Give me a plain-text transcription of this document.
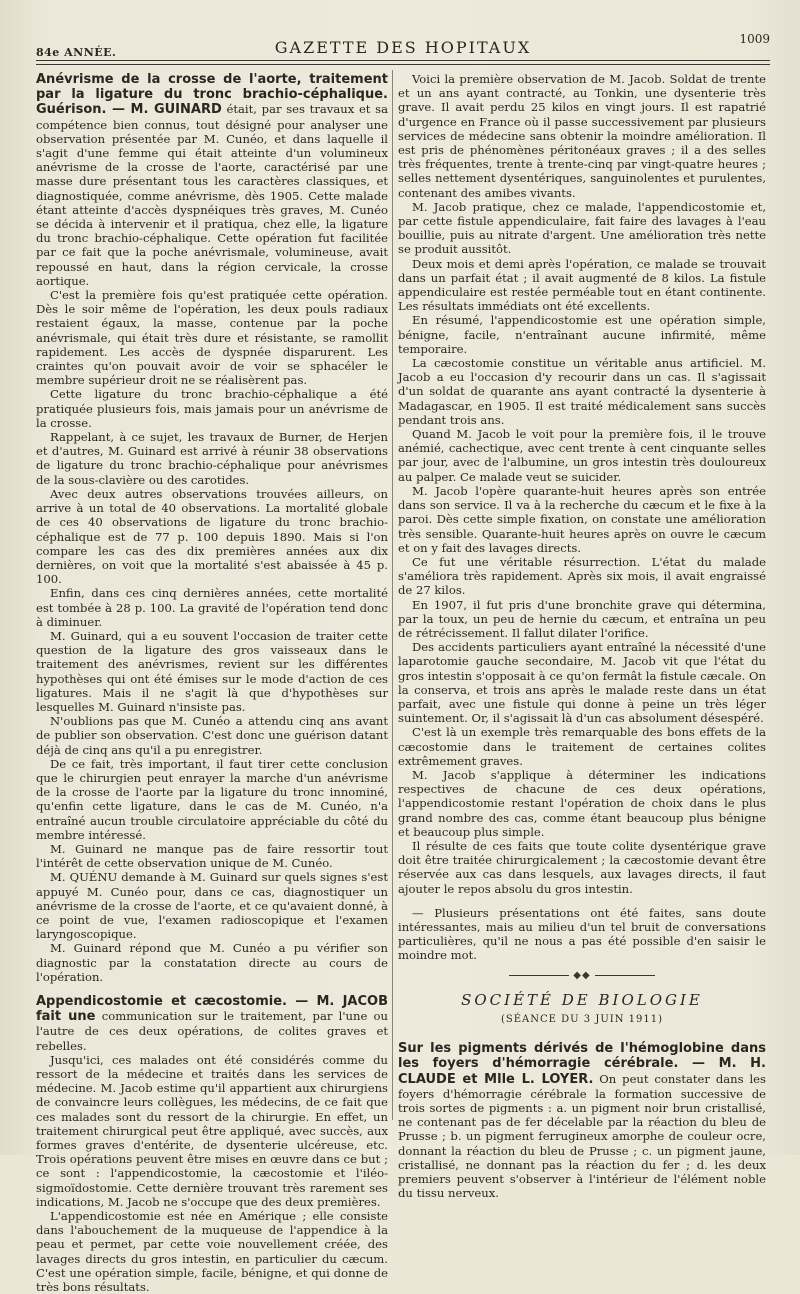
84e ANNÉE.	GAZETTE DES HOPITAUX	1009

Anévrisme de la crosse de l'aorte, traitement par la ligature du tronc brachio-céphalique. Guérison. — M. GUINARD était, par ses travaux et sa compétence bien connus, tout désigné pour analyser une observation présentée par M. Cunéo, et dans laquelle il s'agit d'une femme qui était atteinte d'un volumineux anévrisme de la crosse de l'aorte, caractérisé par une masse dure présentant tous les caractères classiques, et diagnostiquée, comme anévrisme, dès 1905. Cette malade étant atteinte d'accès dyspnéiques très graves, M. Cunéo se décida à intervenir et il pratiqua, chez elle, la ligature du tronc brachio-céphalique. Cette opération fut facilitée par ce fait que la poche anévrismale, volumineuse, avait repoussé en haut, dans la région cervicale, la crosse aortique.

C'est la première fois qu'est pratiquée cette opération. Dès le soir même de l'opération, les deux pouls radiaux restaient égaux, la masse, contenue par la poche anévrismale, qui était très dure et résistante, se ramollit rapidement. Les accès de dyspnée disparurent. Les craintes qu'on pouvait avoir de voir se sphacéler le membre supérieur droit ne se réalisèrent pas.

Cette ligature du tronc brachio-céphalique a été pratiquée plusieurs fois, mais jamais pour un anévrisme de la crosse.

Rappelant, à ce sujet, les travaux de Burner, de Herjen et d'autres, M. Guinard est arrivé à réunir 38 observations de ligature du tronc brachio-céphalique pour anévrismes de la sous-clavière ou des carotides.

Avec deux autres observations trouvées ailleurs, on arrive à un total de 40 observations. La mortalité globale de ces 40 observations de ligature du tronc brachio-céphalique est de 77 p. 100 depuis 1890. Mais si l'on compare les cas des dix premières années aux dix dernières, on voit que la mortalité s'est abaissée à 45 p. 100.

Enfin, dans ces cinq dernières années, cette mortalité est tombée à 28 p. 100. La gravité de l'opération tend donc à diminuer.

M. Guinard, qui a eu souvent l'occasion de traiter cette question de la ligature des gros vaisseaux dans le traitement des anévrismes, revient sur les différentes hypothèses qui ont été émises sur le mode d'action de ces ligatures. Mais il ne s'agit là que d'hypothèses sur lesquelles M. Guinard n'insiste pas.

N'oublions pas que M. Cunéo a attendu cinq ans avant de publier son observation. C'est donc une guérison datant déjà de cinq ans qu'il a pu enregistrer.

De ce fait, très important, il faut tirer cette conclusion que le chirurgien peut enrayer la marche d'un anévrisme de la crosse de l'aorte par la ligature du tronc innominé, qu'enfin cette ligature, dans le cas de M. Cunéo, n'a entraîné aucun trouble circulatoire appréciable du côté du membre intéressé.

M. Guinard ne manque pas de faire ressortir tout l'intérêt de cette observation unique de M. Cunéo.

M. QUÉNU demande à M. Guinard sur quels signes s'est appuyé M. Cunéo pour, dans ce cas, diagnostiquer un anévrisme de la crosse de l'aorte, et ce qu'avaient donné, à ce point de vue, l'examen radioscopique et l'examen laryngoscopique.

M. Guinard répond que M. Cunéo a pu vérifier son diagnostic par la constatation directe au cours de l'opération.

Appendicostomie et cæcostomie. — M. JACOB fait une communication sur le traitement, par l'une ou l'autre de ces deux opérations, de colites graves et rebelles.

Jusqu'ici, ces malades ont été considérés comme du ressort de la médecine et traités dans les services de médecine. M. Jacob estime qu'il appartient aux chirurgiens de convaincre leurs collègues, les médecins, de ce fait que ces malades sont du ressort de la chirurgie. En effet, un traitement chirurgical peut être appliqué, avec succès, aux formes graves d'entérite, de dysenterie ulcéreuse, etc. Trois opérations peuvent être mises en œuvre dans ce but ; ce sont : l'appendicostomie, la cæcostomie et l'iléo-sigmoïdostomie. Cette dernière trouvant très rarement ses indications, M. Jacob ne s'occupe que des deux premières.

L'appendicostomie est née en Amérique ; elle consiste dans l'abouchement de la muqueuse de l'appendice à la peau et permet, par cette voie nouvellement créée, des lavages directs du gros intestin, en particulier du cæcum. C'est une opération simple, facile, bénigne, et qui donne de très bons résultats.

Voici la première observation de M. Jacob. Soldat de trente et un ans ayant contracté, au Tonkin, une dysenterie très grave. Il avait perdu 25 kilos en vingt jours. Il est rapatrié d'urgence en France où il passe successivement par plusieurs services de médecine sans obtenir la moindre amélioration. Il est pris de phénomènes péritonéaux graves ; il a des selles très fréquentes, trente à trente-cinq par vingt-quatre heures ; selles nettement dysentériques, sanguinolentes et purulentes, contenant des amibes vivants.

M. Jacob pratique, chez ce malade, l'appendicostomie et, par cette fistule appendiculaire, fait faire des lavages à l'eau bouillie, puis au nitrate d'argent. Une amélioration très nette se produit aussitôt.

Deux mois et demi après l'opération, ce malade se trouvait dans un parfait état ; il avait augmenté de 8 kilos. La fistule appendiculaire est restée perméable tout en étant continente. Les résultats immédiats ont été excellents.

En résumé, l'appendicostomie est une opération simple, bénigne, facile, n'entraînant aucune infirmité, même temporaire.

La cæcostomie constitue un véritable anus artificiel. M. Jacob a eu l'occasion d'y recourir dans un cas. Il s'agissait d'un soldat de quarante ans ayant contracté la dysenterie à Madagascar, en 1905. Il est traité médicalement sans succès pendant trois ans.

Quand M. Jacob le voit pour la première fois, il le trouve anémié, cachectique, avec cent trente à cent cinquante selles par jour, avec de l'albumine, un gros intestin très douloureux au palper. Ce malade veut se suicider.

M. Jacob l'opère quarante-huit heures après son entrée dans son service. Il va à la recherche du cæcum et le fixe à la paroi. Dès cette simple fixation, on constate une amélioration très sensible. Quarante-huit heures après on ouvre le cæcum et on y fait des lavages directs.

Ce fut une véritable résurrection. L'état du malade s'améliora très rapidement. Après six mois, il avait engraissé de 27 kilos.

En 1907, il fut pris d'une bronchite grave qui détermina, par la toux, un peu de hernie du cæcum, et entraîna un peu de rétrécissement. Il fallut dilater l'orifice.

Des accidents particuliers ayant entraîné la nécessité d'une laparotomie gauche secondaire, M. Jacob vit que l'état du gros intestin s'opposait à ce qu'on fermât la fistule cæcale. On la conserva, et trois ans après le malade reste dans un état parfait, avec une fistule qui donne à peine un très léger suintement. Or, il s'agissait là d'un cas absolument désespéré.

C'est là un exemple très remarquable des bons effets de la cæcostomie dans le traitement de certaines colites extrêmement graves.

M. Jacob s'applique à déterminer les indications respectives de chacune de ces deux opérations, l'appendicostomie restant l'opération de choix dans le plus grand nombre des cas, comme étant beaucoup plus bénigne et beaucoup plus simple.

Il résulte de ces faits que toute colite dysentérique grave doit être traitée chirurgicalement ; la cæcostomie devant être réservée aux cas dans lesquels, aux lavages directs, il faut ajouter le repos absolu du gros intestin.

— Plusieurs présentations ont été faites, sans doute intéressantes, mais au milieu d'un tel bruit de conversations particulières, qu'il ne nous a pas été possible d'en saisir le moindre mot.

◆◆
SOCIÉTÉ DE BIOLOGIE
(SÉANCE DU 3 JUIN 1911)

Sur les pigments dérivés de l'hémoglobine dans les foyers d'hémorragie cérébrale. — M. H. CLAUDE et Mlle L. LOYER. On peut constater dans les foyers d'hémorragie cérébrale la formation successive de trois sortes de pigments : a. un pigment noir brun cristallisé, ne contenant pas de fer décelable par la réaction du bleu de Prusse ; b. un pigment ferrugineux amorphe de couleur ocre, donnant la réaction du bleu de Prusse ; c. un pigment jaune, cristallisé, ne donnant pas la réaction du fer ; d. les deux premiers peuvent s'observer à l'intérieur de l'élément noble du tissu nerveux.
